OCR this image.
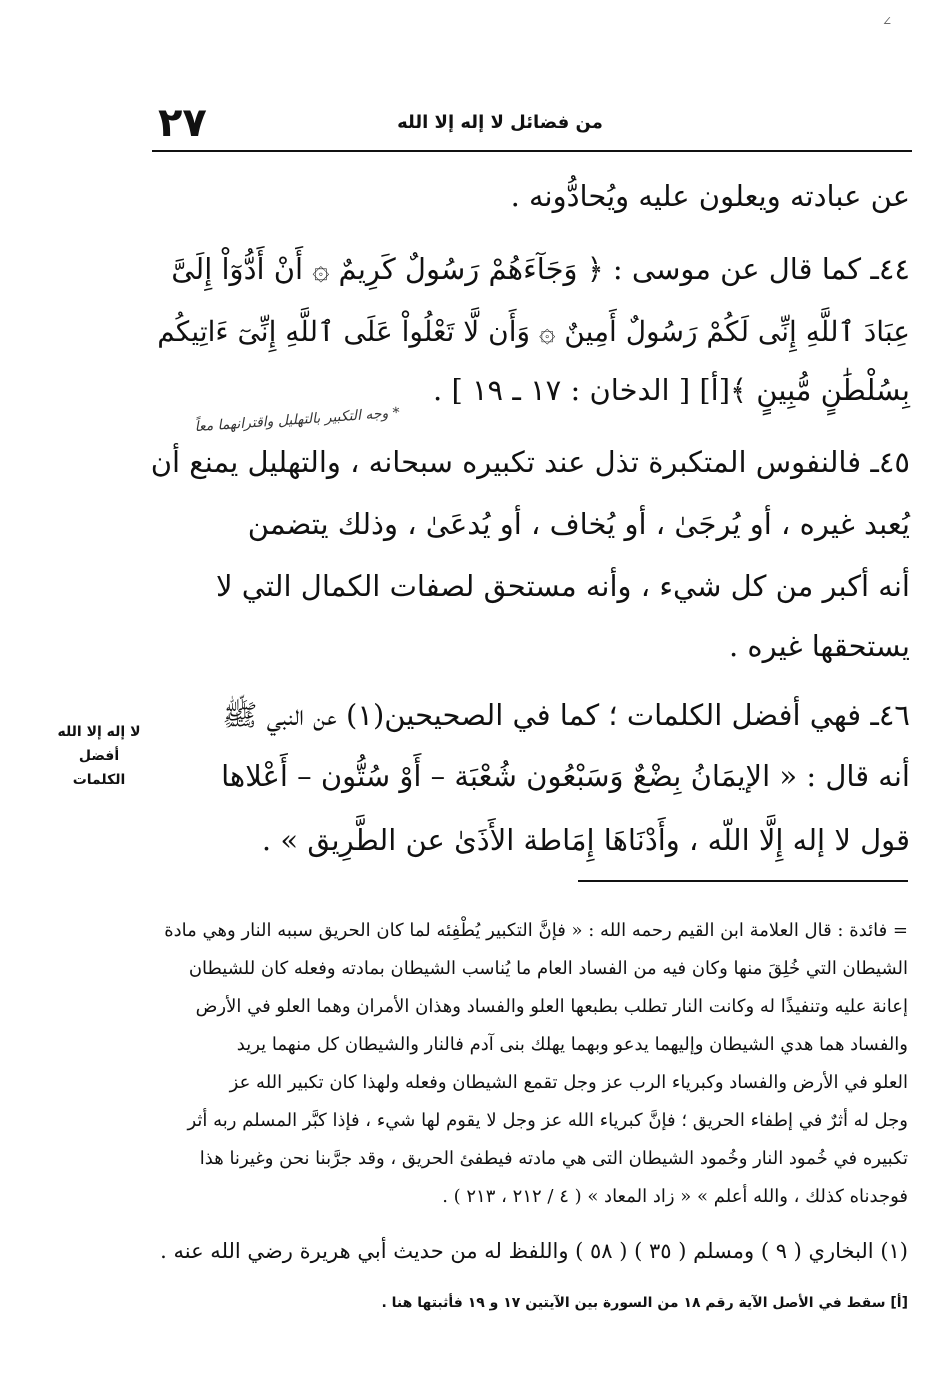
∠
٢٧	من فضائل لا إله إلا الله
عن عبادته ويعلون عليه ويُحادُّونه .
٤٤ـ كما قال عن موسى : ﴿ وَجَآءَهُمْ رَسُولٌ كَرِيمٌ ۞ أَنْ أَدُّوٓاْ إِلَىَّ
عِبَادَ ٱللَّهِ إِنِّى لَكُمْ رَسُولٌ أَمِينٌ ۞ وَأَن لَّا تَعْلُواْ عَلَى ٱللَّهِ إِنِّىٓ ءَاتِيكُم
بِسُلْطَٰنٍ مُّبِينٍ ﴾[أ] [ الدخان : ١٧ ـ ١٩ ] .
* وجه التكبير بالتهليل واقترانهما معاً
٤٥ـ فالنفوس المتكبرة تذل عند تكبيره سبحانه ، والتهليل يمنع أن
يُعبد غيره ، أو يُرجَىٰ ، أو يُخاف ، أو يُدعَىٰ ، وذلك يتضمن
أنه أكبر من كل شيء ، وأنه مستحق لصفات الكمال التي لا
يستحقها غيره .
لا إله إلا الله
أفضل
الكلمات
٤٦ـ فهي أفضل الكلمات ؛ كما في الصحيحين(١) عن النبي ﷺ
أنه قال : « الإيمَانُ بِضْعٌ وَسَبْعُون شُعْبَة – أَوْ سُتُّون – أَعْلاها
قول لا إله إِلَّا اللّه ، وأَدْنَاهَا إِمَاطة الأَذَىٰ عن الطَّرِيق » .
= فائدة : قال العلامة ابن القيم رحمه الله : « فإنَّ التكبير يُطْفِئه لما كان الحريق سببه النار وهي مادة
الشيطان التي خُلِقَ منها وكان فيه من الفساد العام ما يُناسب الشيطان بمادته وفعله كان للشيطان
إعانة عليه وتنفيذًا له وكانت النار تطلب بطبعها العلو والفساد وهذان الأمران وهما العلو في الأرض
والفساد هما هدي الشيطان وإليهما يدعو وبهما يهلك بنى آدم فالنار والشيطان كل منهما يريد
العلو في الأرض والفساد وكبرياء الرب عز وجل تقمع الشيطان وفعله ولهذا كان تكبير الله عز
وجل له أثرٌ في إطفاء الحريق ؛ فإنَّ كبرياء الله عز وجل لا يقوم لها شيء ، فإذا كبَّر المسلم ربه أثر
تكبيره في خُمود النار وخُمود الشيطان التى هي مادته فيطفئ الحريق ، وقد جرَّبنا نحن وغيرنا هذا
فوجدناه كذلك ، والله أعلم » « زاد المعاد » ( ٤ / ٢١٢ ، ٢١٣ ) .
(١) البخاري ( ٩ ) ومسلم ( ٣٥ ) ( ٥٨ ) واللفظ له من حديث أبي هريرة رضي الله عنه .
[أ] سقط في الأصل الآية رقم ١٨ من السورة بين الآيتين ١٧ و ١٩ فأثبتها هنا .
